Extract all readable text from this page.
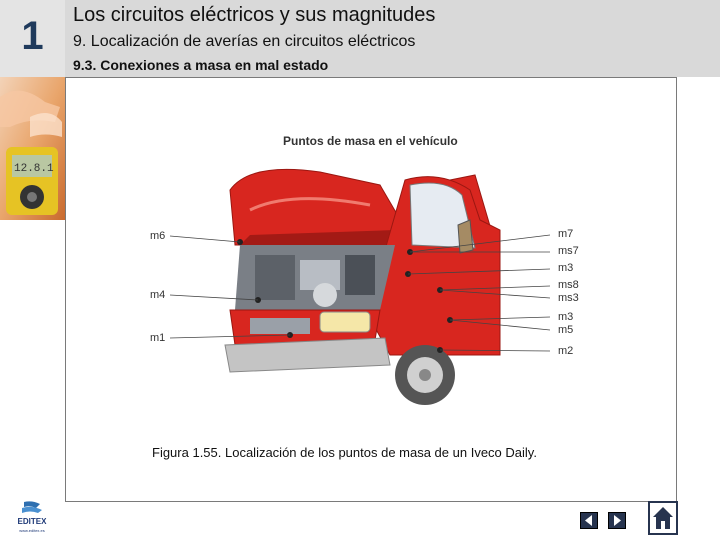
1	Los circuitos eléctricos y sus magnitudes
9. Localización de averías en circuitos eléctricos
9.3. Conexiones a masa en mal estado
12.8.1
Puntos de masa en el vehículo
m6
m4
m1
m7
ms7
m3
ms8
ms3
m3
m5
m2
Figura 1.55. Localización de los puntos de masa de un Iveco Daily.
EDITEX
www.editex.es
